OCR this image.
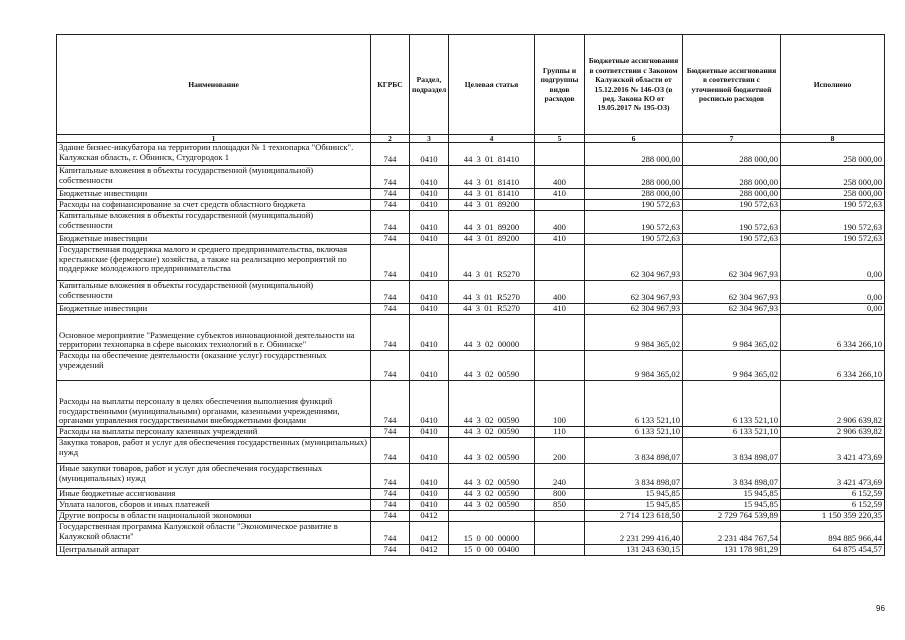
Наименование	КГРБС	Раздел, подраздел	Целевая статья	Группы и подгруппы видов расходов	Бюджетные ассигнования в соответствии с Законом Калужской области от 15.12.2016 № 146-ОЗ (в ред. Закона КО от 19.05.2017 № 195-ОЗ)	Бюджетные ассигнования в соответствии с уточненной бюджетной росписью расходов	Исполнено
1	2	3	4	5	6	7	8
Здание бизнес-инкубатора на территории площадки № 1 технопарка "Обнинск". Калужская область, г. Обнинск, Студгородок 1	744	0410	44 3 01 81410		288 000,00	288 000,00	258 000,00
Капитальные вложения в объекты государственной (муниципальной) собственности	744	0410	44 3 01 81410	400	288 000,00	288 000,00	258 000,00
Бюджетные инвестиции	744	0410	44 3 01 81410	410	288 000,00	288 000,00	258 000,00
Расходы на софинансирование за счет средств областного бюджета	744	0410	44 3 01 89200		190 572,63	190 572,63	190 572,63
Капитальные вложения в объекты государственной (муниципальной) собственности	744	0410	44 3 01 89200	400	190 572,63	190 572,63	190 572,63
Бюджетные инвестиции	744	0410	44 3 01 89200	410	190 572,63	190 572,63	190 572,63
Государственная поддержка малого и среднего предпринимательства, включая крестьянские (фермерские) хозяйства, а также на реализацию мероприятий по поддержке молодежного предпринимательства	744	0410	44 3 01 R5270		62 304 967,93	62 304 967,93	0,00
Капитальные вложения в объекты государственной (муниципальной) собственности	744	0410	44 3 01 R5270	400	62 304 967,93	62 304 967,93	0,00
Бюджетные инвестиции	744	0410	44 3 01 R5270	410	62 304 967,93	62 304 967,93	0,00
Основное мероприятие "Размещение субъектов инновационной деятельности на территории технопарка в сфере высоких технологий в г. Обнинске"	744	0410	44 3 02 00000		9 984 365,02	9 984 365,02	6 334 266,10
Расходы на обеспечение деятельности (оказание услуг) государственных учреждений	744	0410	44 3 02 00590		9 984 365,02	9 984 365,02	6 334 266,10
Расходы на выплаты персоналу в целях обеспечения выполнения функций государственными (муниципальными) органами, казенными учреждениями, органами управления государственными внебюджетными фондами	744	0410	44 3 02 00590	100	6 133 521,10	6 133 521,10	2 906 639,82
Расходы на выплаты персоналу казенных учреждений	744	0410	44 3 02 00590	110	6 133 521,10	6 133 521,10	2 906 639,82
Закупка товаров, работ и услуг для обеспечения государственных (муниципальных) нужд	744	0410	44 3 02 00590	200	3 834 898,07	3 834 898,07	3 421 473,69
Иные закупки товаров, работ и услуг для обеспечения государственных (муниципальных) нужд	744	0410	44 3 02 00590	240	3 834 898,07	3 834 898,07	3 421 473,69
Иные бюджетные ассигнования	744	0410	44 3 02 00590	800	15 945,85	15 945,85	6 152,59
Уплата налогов, сборов и иных платежей	744	0410	44 3 02 00590	850	15 945,85	15 945,85	6 152,59
Другие вопросы в области национальной экономики	744	0412			2 714 123 618,50	2 729 764 539,89	1 150 359 220,35
Государственная программа Калужской области "Экономическое развитие в Калужской области"	744	0412	15 0 00 00000		2 231 299 416,40	2 231 484 767,54	894 885 966,44
Центральный аппарат	744	0412	15 0 00 00400		131 243 630,15	131 178 981,29	64 875 454,57
96
